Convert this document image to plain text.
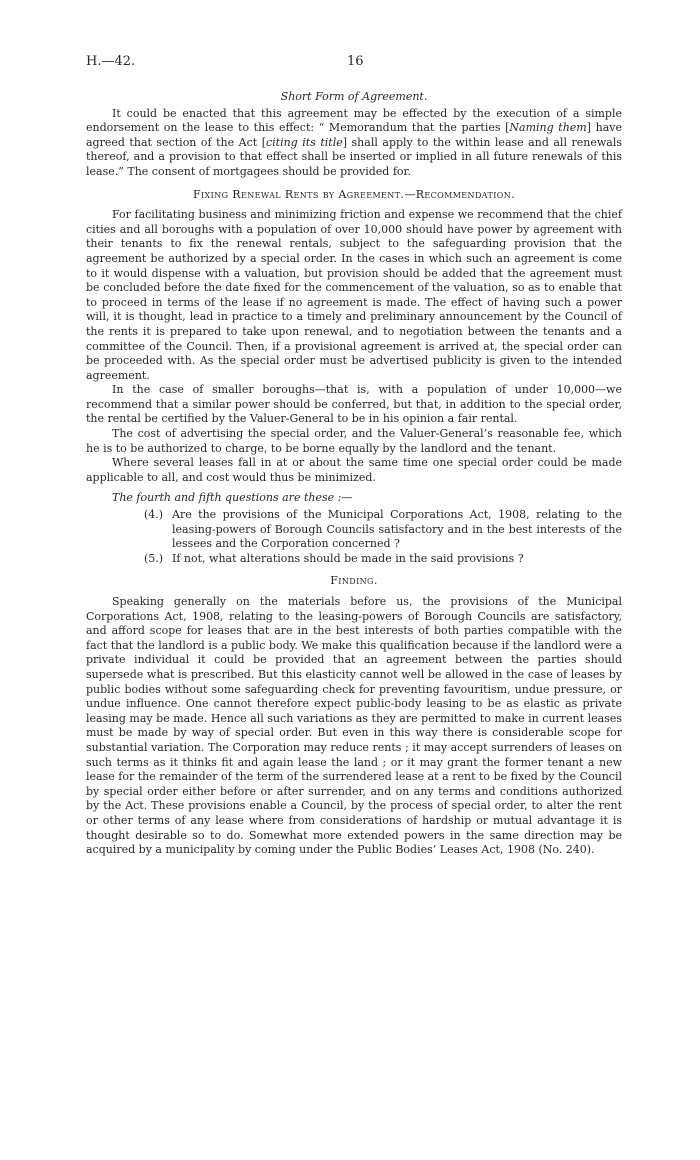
H.—42.	16

Short Form of Agreement.

It could be enacted that this agreement may be effected by the execution of a simple endorsement on the lease to this effect: “ Memorandum that the parties [Naming them] have agreed that section of the Act [citing its title] shall apply to the within lease and all renewals thereof, and a provision to that effect shall be inserted or implied in all future renewals of this lease.” The consent of mortgagees should be provided for.

Fixing Renewal Rents by Agreement.—Recommendation.

For facilitating business and minimizing friction and expense we recommend that the chief cities and all boroughs with a population of over 10,000 should have power by agreement with their tenants to fix the renewal rentals, subject to the safeguarding provision that the agreement be authorized by a special order. In the cases in which such an agreement is come to it would dispense with a valuation, but provision should be added that the agreement must be concluded before the date fixed for the commencement of the valuation, so as to enable that to proceed in terms of the lease if no agreement is made. The effect of having such a power will, it is thought, lead in practice to a timely and preliminary announcement by the Council of the rents it is prepared to take upon renewal, and to negotiation between the tenants and a committee of the Council. Then, if a provisional agreement is arrived at, the special order can be proceeded with. As the special order must be advertised publicity is given to the intended agreement.

In the case of smaller boroughs—that is, with a population of under 10,000—we recommend that a similar power should be conferred, but that, in addition to the special order, the rental be certified by the Valuer-General to be in his opinion a fair rental.

The cost of advertising the special order, and the Valuer-General’s reasonable fee, which he is to be authorized to charge, to be borne equally by the landlord and the tenant.

Where several leases fall in at or about the same time one special order could be made applicable to all, and cost would thus be minimized.

The fourth and fifth questions are these :—

(4.) Are the provisions of the Municipal Corporations Act, 1908, relating to the leasing-powers of Borough Councils satisfactory and in the best interests of the lessees and the Corporation concerned ?

(5.) If not, what alterations should be made in the said provisions ?

Finding.

Speaking generally on the materials before us, the provisions of the Municipal Corporations Act, 1908, relating to the leasing-powers of Borough Councils are satisfactory, and afford scope for leases that are in the best interests of both parties compatible with the fact that the landlord is a public body. We make this qualification because if the landlord were a private individual it could be provided that an agreement between the parties should supersede what is prescribed. But this elasticity cannot well be allowed in the case of leases by public bodies without some safeguarding check for preventing favouritism, undue pressure, or undue influence. One cannot therefore expect public-body leasing to be as elastic as private leasing may be made. Hence all such variations as they are permitted to make in current leases must be made by way of special order. But even in this way there is considerable scope for substantial variation. The Corporation may reduce rents ; it may accept surrenders of leases on such terms as it thinks fit and again lease the land ; or it may grant the former tenant a new lease for the remainder of the term of the surrendered lease at a rent to be fixed by the Council by special order either before or after surrender, and on any terms and conditions authorized by the Act. These provisions enable a Council, by the process of special order, to alter the rent or other terms of any lease where from considerations of hardship or mutual advantage it is thought desirable so to do. Somewhat more extended powers in the same direction may be acquired by a municipality by coming under the Public Bodies’ Leases Act, 1908 (No. 240).
